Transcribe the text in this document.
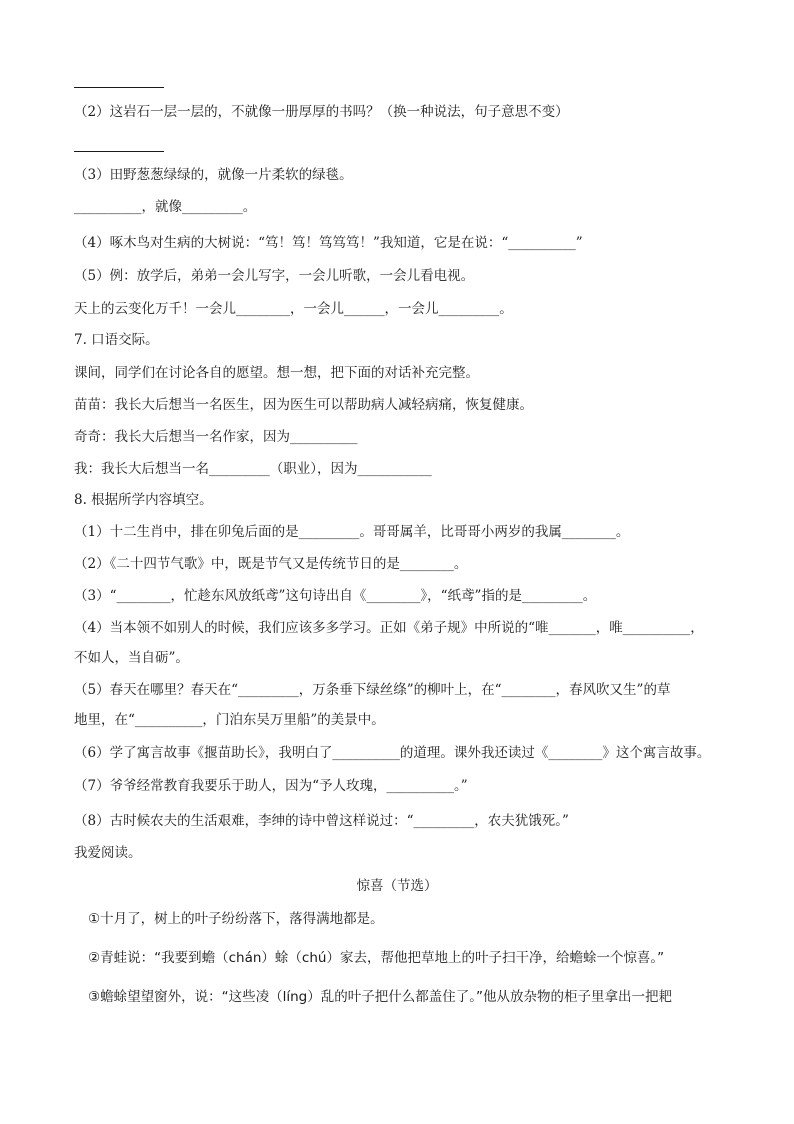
（2）这岩石一层一层的，不就像一册厚厚的书吗？（换一种说法，句子意思不变）
（3）田野葱葱绿绿的，就像一片柔软的绿毯。
__________，就像_________。
（4）啄木鸟对生病的大树说：“笃！笃！笃笃笃！”我知道，它是在说：“__________”
（5）例：放学后，弟弟一会儿写字，一会儿听歌，一会儿看电视。
天上的云变化万千！一会儿________，一会儿______，一会儿_________。
7. 口语交际。
课间，同学们在讨论各自的愿望。想一想，把下面的对话补充完整。
苗苗：我长大后想当一名医生，因为医生可以帮助病人减轻病痛，恢复健康。
奇奇：我长大后想当一名作家，因为__________
我：我长大后想当一名_________（职业），因为___________
8. 根据所学内容填空。
（1）十二生肖中，排在卯兔后面的是_________。哥哥属羊，比哥哥小两岁的我属________。
（2）《二十四节气歌》中，既是节气又是传统节日的是________。
（3）“________，忙趁东风放纸鸢”这句诗出自《________》，“纸鸢”指的是_________。
（4）当本领不如别人的时候，我们应该多多学习。正如《弟子规》中所说的“唯_______，唯__________，
不如人，当自砺”。
（5）春天在哪里？春天在“_________，万条垂下绿丝绦”的柳叶上，在“________，春风吹又生”的草
地里，在“__________，门泊东吴万里船”的美景中。
（6）学了寓言故事《揠苗助长》，我明白了__________的道理。课外我还读过《________》这个寓言故事。
（7）爷爷经常教育我要乐于助人，因为“予人玫瑰，__________。”
（8）古时候农夫的生活艰难，李绅的诗中曾这样说过：“_________，农夫犹饿死。”
我爱阅读。
惊喜（节选）
①十月了，树上的叶子纷纷落下，落得满地都是。
②青蛙说：“我要到蟾（chán）蜍（chú）家去，帮他把草地上的叶子扫干净，给蟾蜍一个惊喜。”
③蟾蜍望望窗外，说：“这些凌（líng）乱的叶子把什么都盖住了。”他从放杂物的柜子里拿出一把耙
